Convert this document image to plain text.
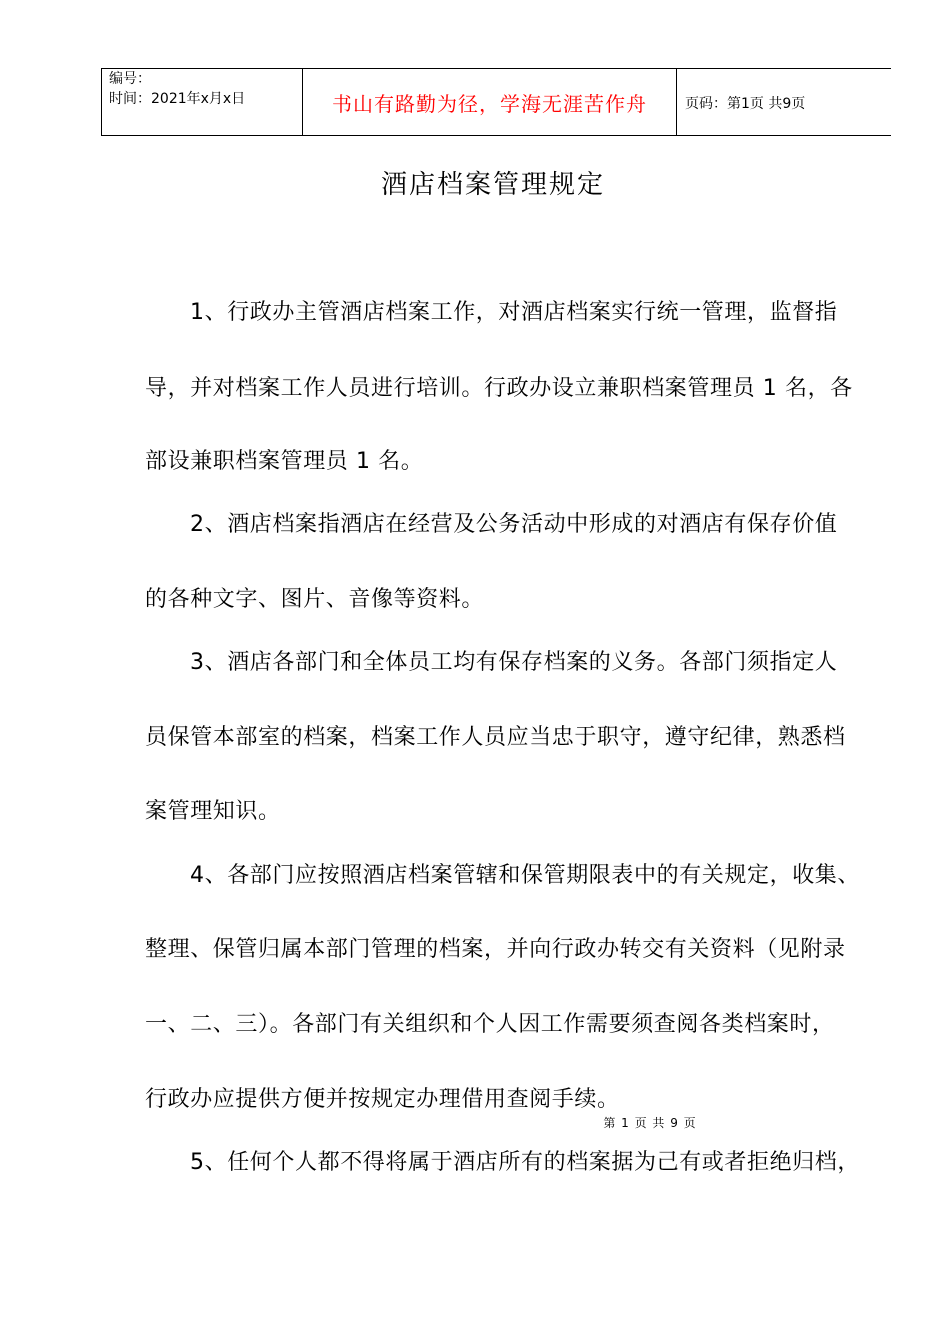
编号：
时间：2021年x月x日	书山有路勤为径，学海无涯苦作舟	页码：第1页 共9页
酒店档案管理规定
1、行政办主管酒店档案工作，对酒店档案实行统一管理，监督指
导，并对档案工作人员进行培训。行政办设立兼职档案管理员 1 名，各
部设兼职档案管理员 1 名。
2、酒店档案指酒店在经营及公务活动中形成的对酒店有保存价值
的各种文字、图片、音像等资料。
3、酒店各部门和全体员工均有保存档案的义务。各部门须指定人
员保管本部室的档案，档案工作人员应当忠于职守，遵守纪律，熟悉档
案管理知识。
4、各部门应按照酒店档案管辖和保管期限表中的有关规定，收集、
整理、保管归属本部门管理的档案，并向行政办转交有关资料（见附录
一、二、三）。各部门有关组织和个人因工作需要须查阅各类档案时，
行政办应提供方便并按规定办理借用查阅手续。
第 1 页 共 9 页
5、任何个人都不得将属于酒店所有的档案据为己有或者拒绝归档，
